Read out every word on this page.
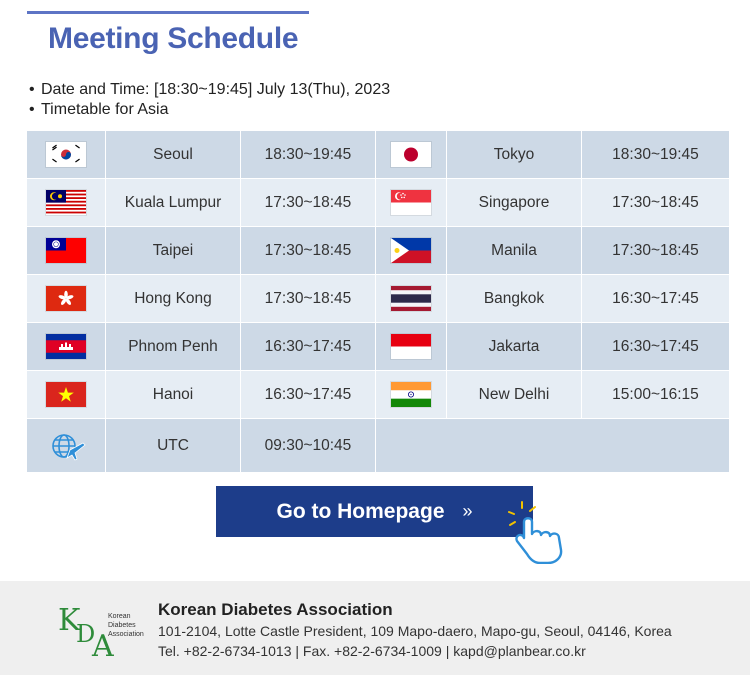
Meeting Schedule
• Date and Time: [18:30~19:45] July 13(Thu), 2023
• Timetable for Asia
	Seoul	18:30~19:45		Tokyo	18:30~19:45

	Kuala Lumpur	17:30~18:45		Singapore	17:30~18:45

	Taipei	17:30~18:45		Manila	17:30~18:45

	Hong Kong	17:30~18:45		Bangkok	16:30~17:45

	Phnom Penh	16:30~17:45		Jakarta	16:30~17:45

	Hanoi	16:30~17:45		New Delhi	15:00~16:15
	UTC	09:30~10:45			
Go to Homepage »
K
D
A
Korean
Diabetes
Association
Korean Diabetes Association
101-2104, Lotte Castle President, 109 Mapo-daero, Mapo-gu, Seoul, 04146, Korea
Tel. +82-2-6734-1013 | Fax. +82-2-6734-1009 | kapd@planbear.co.kr
